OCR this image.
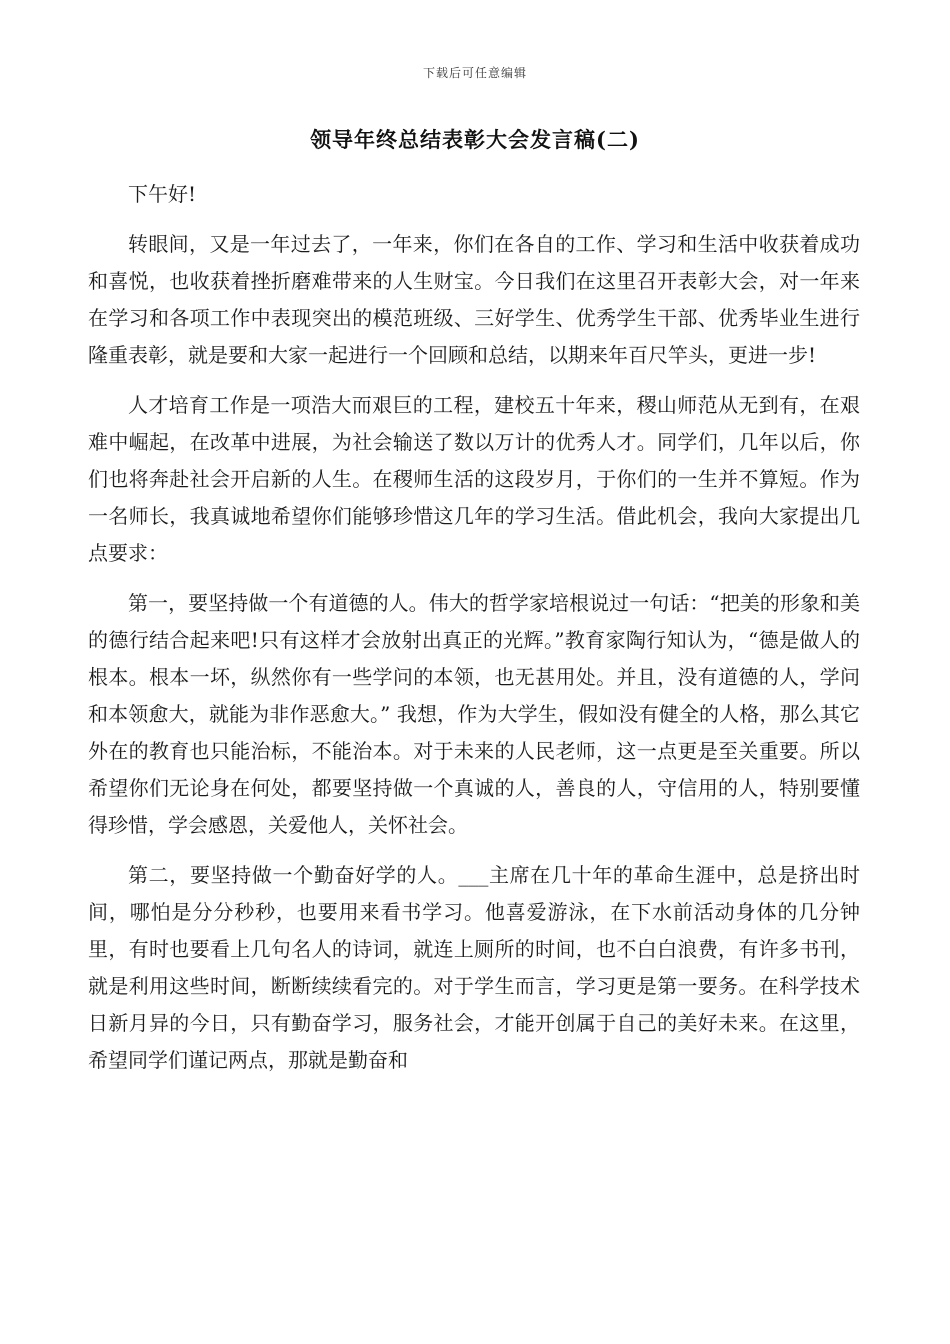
下载后可任意编辑
领导年终总结表彰大会发言稿(二)

下午好!

转眼间，又是一年过去了，一年来，你们在各自的工作、学习和生活中收获着成功和喜悦，也收获着挫折磨难带来的人生财宝。今日我们在这里召开表彰大会，对一年来在学习和各项工作中表现突出的模范班级、三好学生、优秀学生干部、优秀毕业生进行隆重表彰，就是要和大家一起进行一个回顾和总结，以期来年百尺竿头，更进一步!

人才培育工作是一项浩大而艰巨的工程，建校五十年来，稷山师范从无到有，在艰难中崛起，在改革中进展，为社会输送了数以万计的优秀人才。同学们，几年以后，你们也将奔赴社会开启新的人生。在稷师生活的这段岁月，于你们的一生并不算短。作为一名师长，我真诚地希望你们能够珍惜这几年的学习生活。借此机会，我向大家提出几点要求：

第一，要坚持做一个有道德的人。伟大的哲学家培根说过一句话：“把美的形象和美的德行结合起来吧!只有这样才会放射出真正的光辉。”教育家陶行知认为，“德是做人的根本。根本一坏，纵然你有一些学问的本领，也无甚用处。并且，没有道德的人，学问和本领愈大，就能为非作恶愈大。” 我想，作为大学生，假如没有健全的人格，那么其它外在的教育也只能治标，不能治本。对于未来的人民老师，这一点更是至关重要。所以希望你们无论身在何处，都要坚持做一个真诚的人，善良的人，守信用的人，特别要懂得珍惜，学会感恩，关爱他人，关怀社会。

第二，要坚持做一个勤奋好学的人。___主席在几十年的革命生涯中，总是挤出时间，哪怕是分分秒秒，也要用来看书学习。他喜爱游泳，在下水前活动身体的几分钟里，有时也要看上几句名人的诗词，就连上厕所的时间，也不白白浪费，有许多书刊，就是利用这些时间，断断续续看完的。对于学生而言，学习更是第一要务。在科学技术日新月异的今日，只有勤奋学习，服务社会，才能开创属于自己的美好未来。在这里，希望同学们谨记两点，那就是勤奋和
